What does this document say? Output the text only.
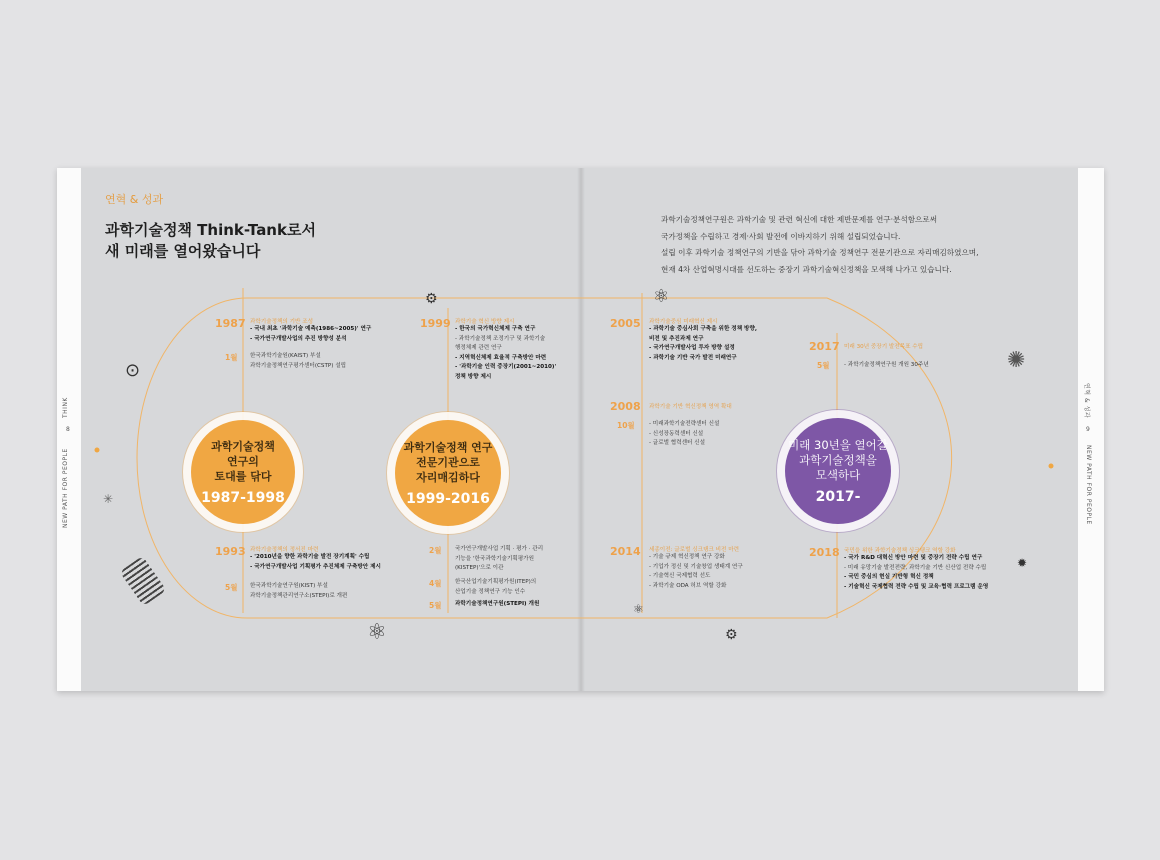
연혁 & 성과
과학기술정책 Think-Tank로서
새 미래를 열어왔습니다
과학기술정책연구원은 과학기술 및 관련 혁신에 대한 제반문제를 연구·분석함으로써
국가정책을 수립하고 경제·사회 발전에 이바지하기 위해 설립되었습니다.
설립 이후 과학기술 정책연구의 기반을 닦아 과학기술 정책연구 전문기관으로 자리매김하였으며,
현재 4차 산업혁명시대를 선도하는 중장기 과학기술혁신정책을 모색해 나가고 있습니다.
THINK
8
NEW PATH FOR PEOPLE
연혁 & 성과
9
NEW PATH FOR PEOPLE
과학기술정책
연구의
토대를 닦다
1987-1998
과학기술정책 연구
전문기관으로
자리매김하다
1999-2016
미래 30년을 열어갈
과학기술정책을
모색하다
2017-
1987 과학기술정책의 기반 조성
- 국내 최초 '과학기술 예측(1986~2005)' 연구
- 국가연구개발사업의 추진 방향성 분석
1월 한국과학기술원(KAIST) 부설
과학기술정책연구평가센터(CSTP) 설립
1993 과학기술정책의 정서진 마련
- '2010년을 향한 과학기술 발전 장기계획' 수립
- 국가연구개발사업 기획평가 추진체제 구축방안 제시
5월 한국과학기술연구원(KIST) 부설
과학기술정책관리연구소(STEPI)로 개편
1999 과학기술 혁신 방향 제시
- 한국의 국가혁신체제 구축 연구
- 과학기술정책 조정기구 및 과학기술
행정체제 관련 연구
- 지역혁신체제 효율적 구축방안 마련
- '과학기술 인력 중장기(2001~2010)'
정책 방향 제시
2월 국가연구개발사업 기획 · 평가 · 관리
기능을 '한국과학기술기획평가원
(KISTEP)'으로 이관
4월 한국산업기술기획평가원(ITEP)의
산업기술 정책연구 기능 인수
5월 과학기술정책연구원(STEPI) 개원
2005 과학기술중심 미래혁신 제시
- 과학기술 중심사회 구축을 위한 정책 방향,
비전 및 추진과제 연구
- 국가연구개발사업 투자 방향 설정
- 과학기술 기반 국가 발전 미래연구
2008 과학기술 기반 혁신정책 영역 확대
10월	- 미래과학기술전략센터 신설
- 신성장동력센터 신설
- 글로벌 협력센터 신설
2014 세종이전: 글로벌 싱크탱크 비전 마련
- 기술 규제 혁신정책 연구 강화
- 기업가 정신 및 기술창업 생태계 연구
- 기술혁신 국제협력 선도
- 과학기술 ODA 허브 역할 강화
2017 미래 30년 중장기 발전목표 수립
5월	- 과학기술정책연구원 개원 30주년
2018 국민을 위한 과학기술정책 싱크탱크 역할 강화
- 국가 R&D 대혁신 방안 마련 및 중장기 전략 수립 연구
- 미래 유망기술 발전전략, 과학기술 기반 신산업 전략 수립
- 국민 중심의 현실 기반형 혁신 정책
- 기술혁신 국제협력 전략 수립 및 교육·협력 프로그램 운영
⚙	⚛
⚛
⚛
⚙
✺
✹
⊙
✳
